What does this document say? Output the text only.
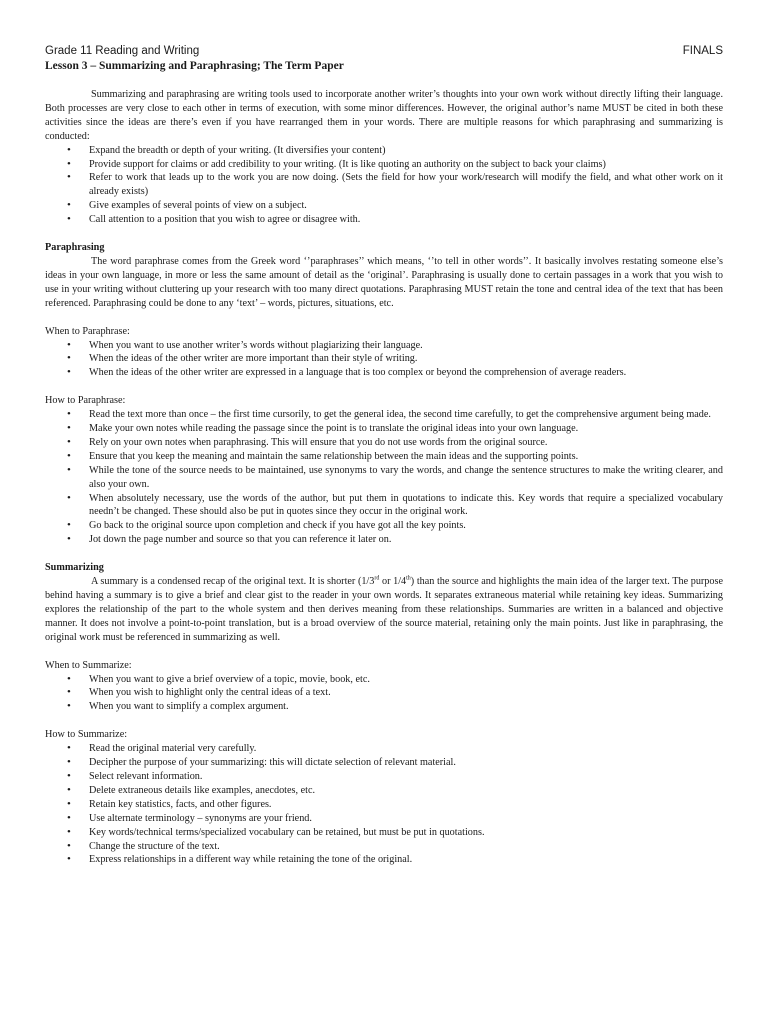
Grade 11 Reading and Writing	FINALS
Lesson 3 – Summarizing and Paraphrasing; The Term Paper

Summarizing and paraphrasing are writing tools used to incorporate another writer’s thoughts into your own work without directly lifting their language. Both processes are very close to each other in terms of execution, with some minor differences. However, the original author’s name MUST be cited in both these activities since the ideas are there’s even if you have rearranged them in your words. There are multiple reasons for which paraphrasing and summarizing is conducted:

• Expand the breadth or depth of your writing. (It diversifies your content)
• Provide support for claims or add credibility to your writing. (It is like quoting an authority on the subject to back your claims)
• Refer to work that leads up to the work you are now doing. (Sets the field for how your work/research will modify the field, and what other work on it already exists)
• Give examples of several points of view on a subject.
• Call attention to a position that you wish to agree or disagree with.
Paraphrasing

The word paraphrase comes from the Greek word ‘’paraphrases’’ which means, ‘’to tell in other words’’. It basically involves restating someone else’s ideas in your own language, in more or less the same amount of detail as the ‘original’. Paraphrasing is usually done to certain passages in a work that you wish to use in your writing without cluttering up your research with too many direct quotations. Paraphrasing MUST retain the tone and central idea of the text that has been referenced. Paraphrasing could be done to any ‘text’ – words, pictures, situations, etc.

When to Paraphrase:
• When you want to use another writer’s words without plagiarizing their language.
• When the ideas of the other writer are more important than their style of writing.
• When the ideas of the other writer are expressed in a language that is too complex or beyond the comprehension of average readers.
How to Paraphrase:
• Read the text more than once – the first time cursorily, to get the general idea, the second time carefully, to get the comprehensive argument being made.
• Make your own notes while reading the passage since the point is to translate the original ideas into your own language.
• Rely on your own notes when paraphrasing. This will ensure that you do not use words from the original source.
• Ensure that you keep the meaning and maintain the same relationship between the main ideas and the supporting points.
• While the tone of the source needs to be maintained, use synonyms to vary the words, and change the sentence structures to make the writing clearer, and also your own.
• When absolutely necessary, use the words of the author, but put them in quotations to indicate this. Key words that require a specialized vocabulary needn’t be changed. These should also be put in quotes since they occur in the original work.
• Go back to the original source upon completion and check if you have got all the key points.
• Jot down the page number and source so that you can reference it later on.
Summarizing

A summary is a condensed recap of the original text. It is shorter (1/3rd or 1/4th) than the source and highlights the main idea of the larger text. The purpose behind having a summary is to give a brief and clear gist to the reader in your own words. It separates extraneous material while retaining key ideas. Summarizing explores the relationship of the part to the whole system and then derives meaning from these relationships. Summaries are written in a balanced and objective manner. It does not involve a point-to-point translation, but is a broad overview of the source material, retaining only the main points. Just like in paraphrasing, the original work must be referenced in summarizing as well.

When to Summarize:
• When you want to give a brief overview of a topic, movie, book, etc.
• When you wish to highlight only the central ideas of a text.
• When you want to simplify a complex argument.
How to Summarize:
• Read the original material very carefully.
• Decipher the purpose of your summarizing: this will dictate selection of relevant material.
• Select relevant information.
• Delete extraneous details like examples, anecdotes, etc.
• Retain key statistics, facts, and other figures.
• Use alternate terminology – synonyms are your friend.
• Key words/technical terms/specialized vocabulary can be retained, but must be put in quotations.
• Change the structure of the text.
• Express relationships in a different way while retaining the tone of the original.
